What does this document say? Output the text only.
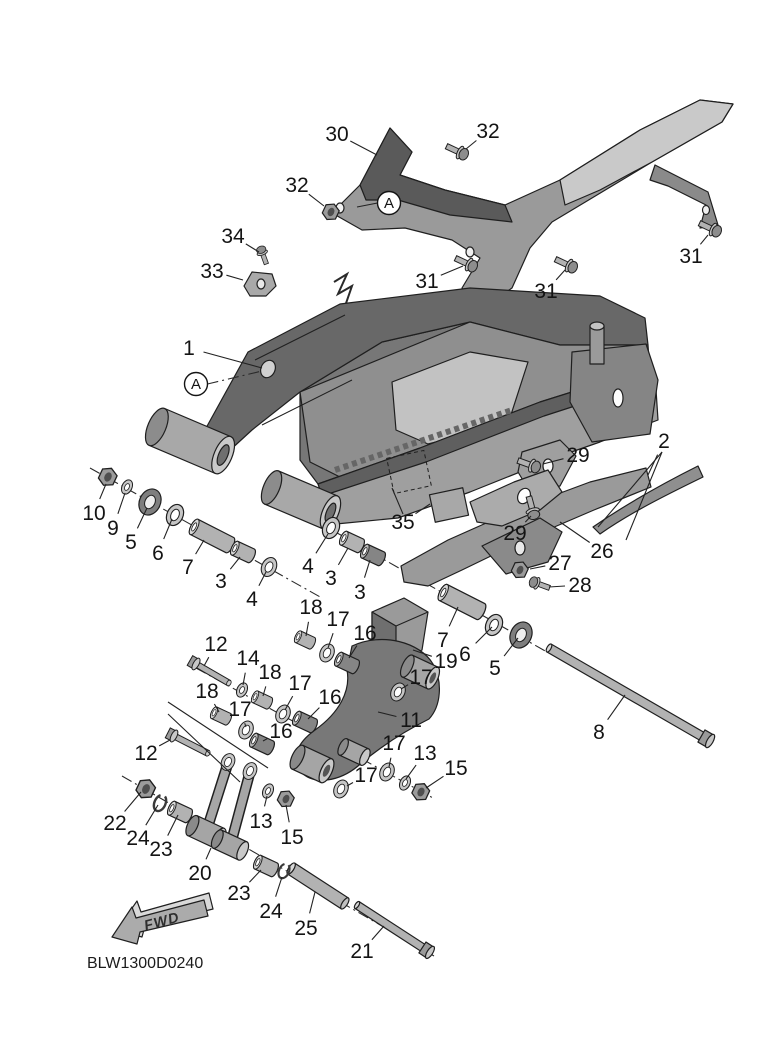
FWD
BLW1300D0240
A
A
30	32
32
31	31
31
34
33
1
2
29
29
26
27
28
35
10
9
5 6
7
3
4
4
3
3
18
17
16
19
7
6
5
8
12
14
18 17
16
17
11
18
17
16
17 13
15
17
12
22
24 23
13
15
20
23
24
25
21
